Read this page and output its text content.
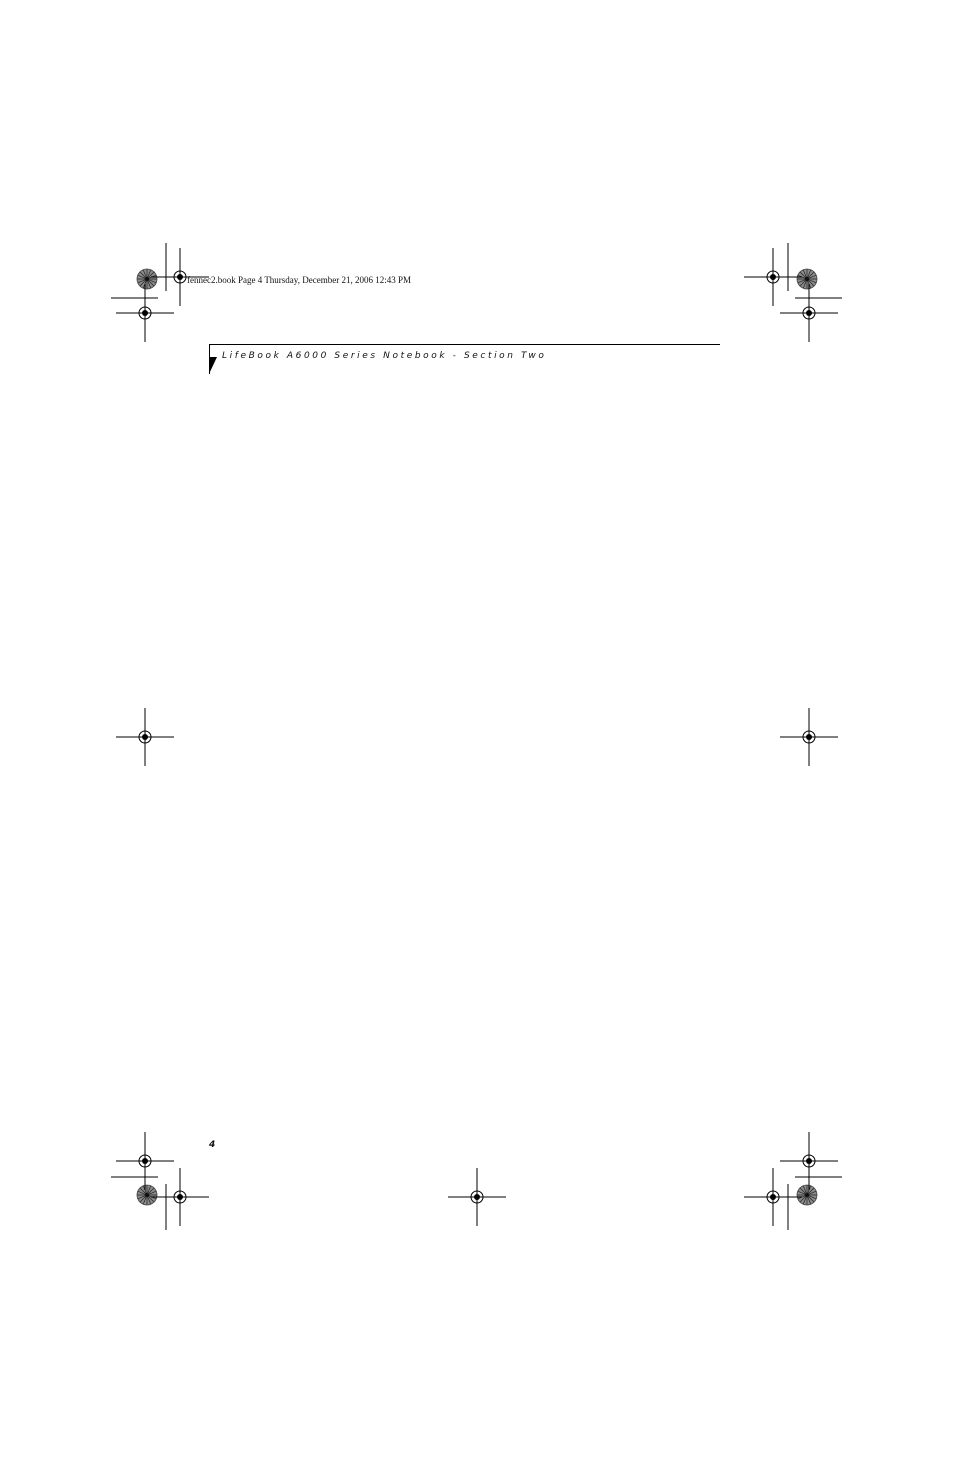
fennec2.book Page 4 Thursday, December 21, 2006 12:43 PM
LifeBook A6000 Series Notebook - Section Two
4
